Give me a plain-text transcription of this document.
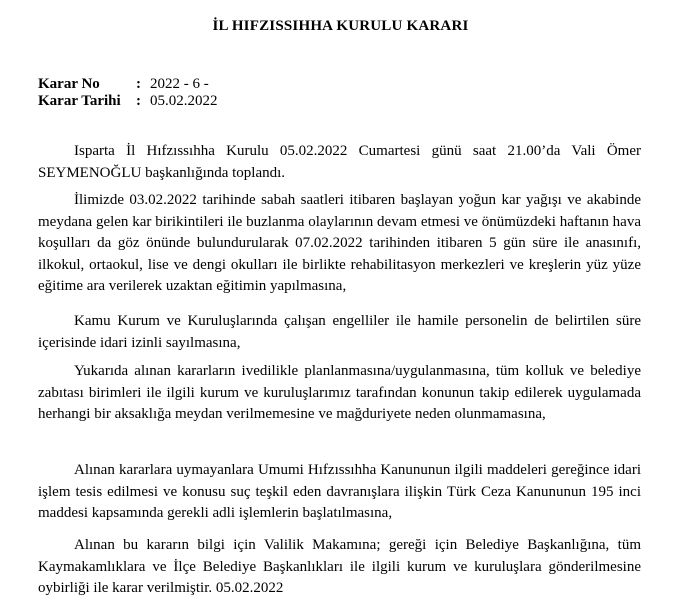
İL HIFZISSIHHA KURULU KARARI
Karar No : 2022 - 6 -
Karar Tarihi : 05.02.2022

Isparta İl Hıfzıssıhha Kurulu 05.02.2022 Cumartesi günü saat 21.00’da Vali Ömer SEYMENOĞLU başkanlığında toplandı.

İlimizde 03.02.2022 tarihinde sabah saatleri itibaren başlayan yoğun kar yağışı ve akabinde meydana gelen kar birikintileri ile buzlanma olaylarının devam etmesi ve önümüzdeki haftanın hava koşulları da göz önünde bulundurularak 07.02.2022 tarihinden itibaren 5 gün süre ile anasınıfı, ilkokul, ortaokul, lise ve dengi okulları ile birlikte rehabilitasyon merkezleri ve kreşlerin yüz yüze eğitime ara verilerek uzaktan eğitimin yapılmasına,

Kamu Kurum ve Kuruluşlarında çalışan engelliler ile hamile personelin de belirtilen süre içerisinde idari izinli sayılmasına,

Yukarıda alınan kararların ivedilikle planlanmasına/uygulanmasına, tüm kolluk ve belediye zabıtası birimleri ile ilgili kurum ve kuruluşlarımız tarafından konunun takip edilerek uygulamada herhangi bir aksaklığa meydan verilmemesine ve mağduriyete neden olunmamasına,

Alınan kararlara uymayanlara Umumi Hıfzıssıhha Kanununun ilgili maddeleri gereğince idari işlem tesis edilmesi ve konusu suç teşkil eden davranışlara ilişkin Türk Ceza Kanununun 195 inci maddesi kapsamında gerekli adli işlemlerin başlatılmasına,

Alınan bu kararın bilgi için Valilik Makamına; gereği için Belediye Başkanlığına, tüm Kaymakamlıklara ve İlçe Belediye Başkanlıkları ile ilgili kurum ve kuruluşlara gönderilmesine oybirliği ile karar verilmiştir. 05.02.2022
